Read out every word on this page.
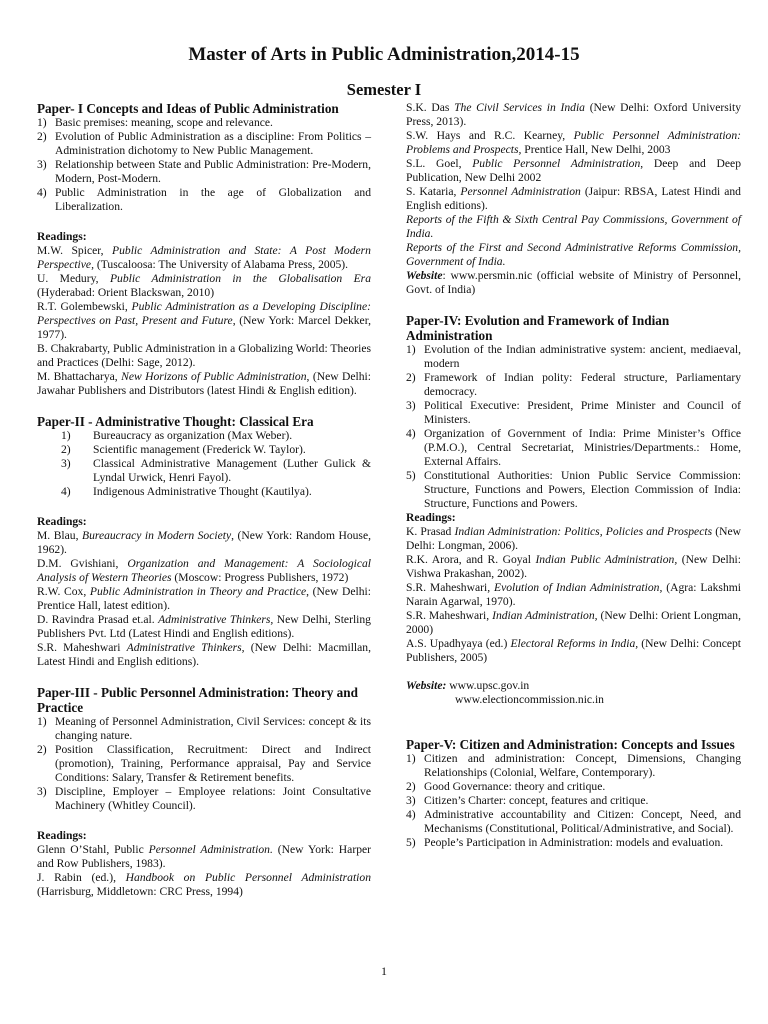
Master of Arts in Public Administration,2014-15
Semester I
Paper- I Concepts and Ideas of Public Administration
1) Basic premises: meaning, scope and relevance.
2) Evolution of Public Administration as a discipline: From Politics –Administration dichotomy to New Public Management.
3) Relationship between State and Public Administration: Pre-Modern, Modern, Post-Modern.
4) Public Administration in the age of Globalization and Liberalization.
Readings:

M.W. Spicer, Public Administration and State: A Post Modern Perspective, (Tuscaloosa: The University of Alabama Press, 2005).

U. Medury, Public Administration in the Globalisation Era (Hyderabad: Orient Blackswan, 2010)

R.T. Golembewski, Public Administration as a Developing Discipline: Perspectives on Past, Present and Future, (New York: Marcel Dekker, 1977).

B. Chakrabarty, Public Administration in a Globalizing World: Theories and Practices (Delhi: Sage, 2012).

M. Bhattacharya, New Horizons of Public Administration, (New Delhi: Jawahar Publishers and Distributors (latest Hindi & English edition).

Paper-II - Administrative Thought: Classical Era
1) Bureaucracy as organization (Max Weber).
2) Scientific management (Frederick W. Taylor).
3) Classical Administrative Management (Luther Gulick & Lyndal Urwick, Henri Fayol).
4) Indigenous Administrative Thought (Kautilya).
Readings:

M. Blau, Bureaucracy in Modern Society, (New York: Random House, 1962).

D.M. Gvishiani, Organization and Management: A Sociological Analysis of Western Theories (Moscow: Progress Publishers, 1972)

R.W. Cox, Public Administration in Theory and Practice, (New Delhi: Prentice Hall, latest edition).

D. Ravindra Prasad et.al. Administrative Thinkers, New Delhi, Sterling Publishers Pvt. Ltd (Latest Hindi and English editions).

S.R. Maheshwari Administrative Thinkers, (New Delhi: Macmillan, Latest Hindi and English editions).

Paper-III - Public Personnel Administration: Theory and Practice
1) Meaning of Personnel Administration, Civil Services: concept & its changing nature.
2) Position Classification, Recruitment: Direct and Indirect (promotion), Training, Performance appraisal, Pay and Service Conditions: Salary, Transfer & Retirement benefits.
3) Discipline, Employer – Employee relations: Joint Consultative Machinery (Whitley Council).
Readings:

Glenn O’Stahl, Public Personnel Administration. (New York: Harper and Row Publishers, 1983).

J. Rabin (ed.), Handbook on Public Personnel Administration (Harrisburg, Middletown: CRC Press, 1994)

S.K. Das The Civil Services in India (New Delhi: Oxford University Press, 2013).

S.W. Hays and R.C. Kearney, Public Personnel Administration: Problems and Prospects, Prentice Hall, New Delhi, 2003

S.L. Goel, Public Personnel Administration, Deep and Deep Publication, New Delhi 2002

S. Kataria, Personnel Administration (Jaipur: RBSA, Latest Hindi and English editions).

Reports of the Fifth & Sixth Central Pay Commissions, Government of India.

Reports of the First and Second Administrative Reforms Commission, Government of India.

Website: www.persmin.nic (official website of Ministry of Personnel, Govt. of India)

Paper-IV: Evolution and Framework of Indian Administration
1) Evolution of the Indian administrative system: ancient, mediaeval, modern
2) Framework of Indian polity: Federal structure, Parliamentary democracy.
3) Political Executive: President, Prime Minister and Council of Ministers.
4) Organization of Government of India: Prime Minister’s Office (P.M.O.), Central Secretariat, Ministries/Departments.: Home, External Affairs.
5) Constitutional Authorities: Union Public Service Commission: Structure, Functions and Powers, Election Commission of India: Structure, Functions and Powers.
Readings:

K. Prasad Indian Administration: Politics, Policies and Prospects (New Delhi: Longman, 2006).

R.K. Arora, and R. Goyal Indian Public Administration, (New Delhi: Vishwa Prakashan, 2002).

S.R. Maheshwari, Evolution of Indian Administration, (Agra: Lakshmi Narain Agarwal, 1970).

S.R. Maheshwari, Indian Administration, (New Delhi: Orient Longman, 2000)

A.S. Upadhyaya (ed.) Electoral Reforms in India, (New Delhi: Concept Publishers, 2005)

Website: www.upsc.gov.in

www.electioncommission.nic.in

Paper-V: Citizen and Administration: Concepts and Issues
1) Citizen and administration: Concept, Dimensions, Changing Relationships (Colonial, Welfare, Contemporary).
2) Good Governance: theory and critique.
3) Citizen’s Charter: concept, features and critique.
4) Administrative accountability and Citizen: Concept, Need, and Mechanisms (Constitutional, Political/Administrative, and Social).
5) People’s Participation in Administration: models and evaluation.
1
